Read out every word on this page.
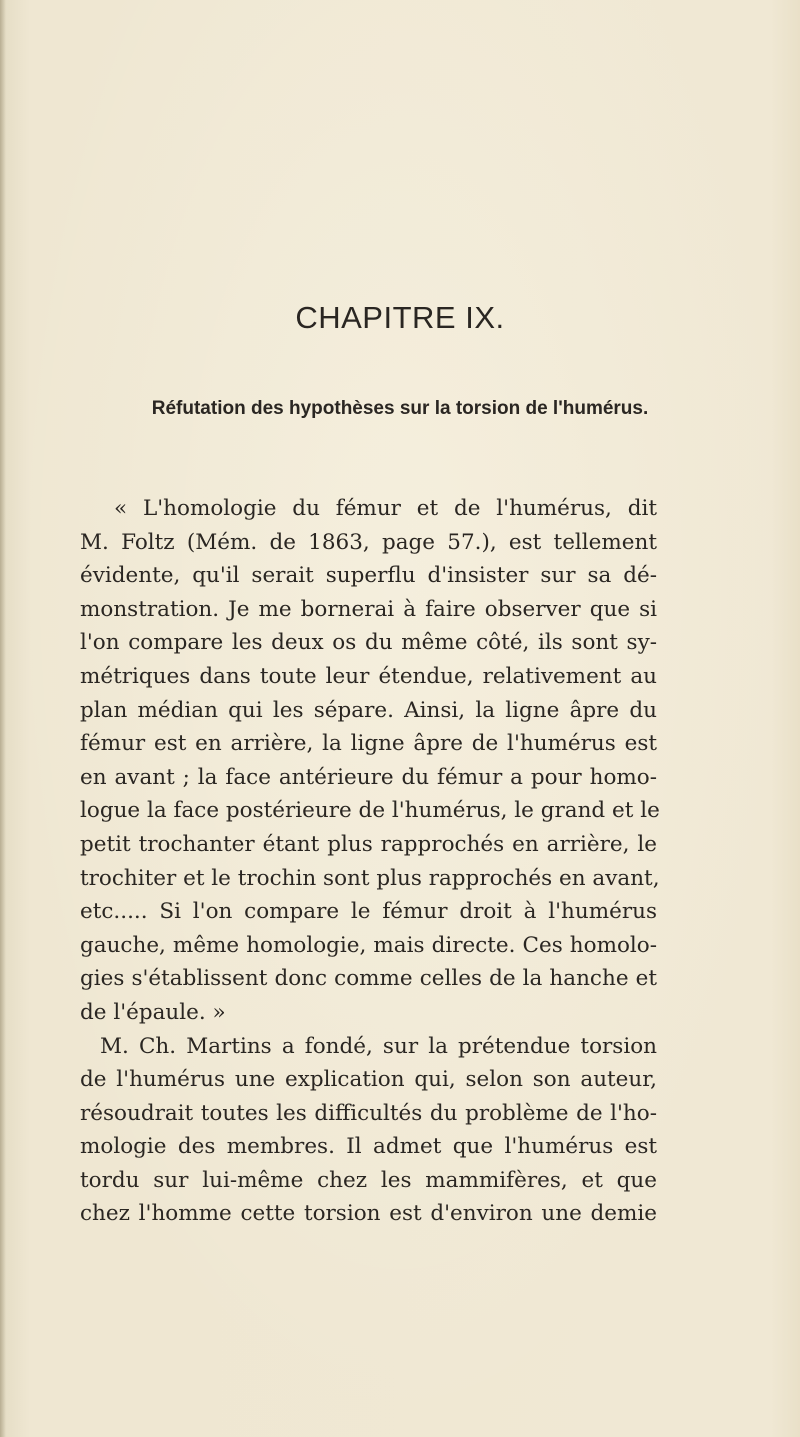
CHAPITRE IX.
Réfutation des hypothèses sur la torsion de l'humérus.
« L'homologie du fémur et de l'humérus, dit
M. Foltz (Mém. de 1863, page 57.), est tellement
évidente, qu'il serait superflu d'insister sur sa dé-
monstration. Je me bornerai à faire observer que si
l'on compare les deux os du même côté, ils sont sy-
métriques dans toute leur étendue, relativement au
plan médian qui les sépare. Ainsi, la ligne âpre du
fémur est en arrière, la ligne âpre de l'humérus est
en avant ; la face antérieure du fémur a pour homo-
logue la face postérieure de l'humérus, le grand et le
petit trochanter étant plus rapprochés en arrière, le
trochiter et le trochin sont plus rapprochés en avant,
etc..... Si l'on compare le fémur droit à l'humérus
gauche, même homologie, mais directe. Ces homolo-
gies s'établissent donc comme celles de la hanche et
de l'épaule. »
M. Ch. Martins a fondé, sur la prétendue torsion
de l'humérus une explication qui, selon son auteur,
résoudrait toutes les difficultés du problème de l'ho-
mologie des membres. Il admet que l'humérus est
tordu sur lui-même chez les mammifères, et que
chez l'homme cette torsion est d'environ une demie
